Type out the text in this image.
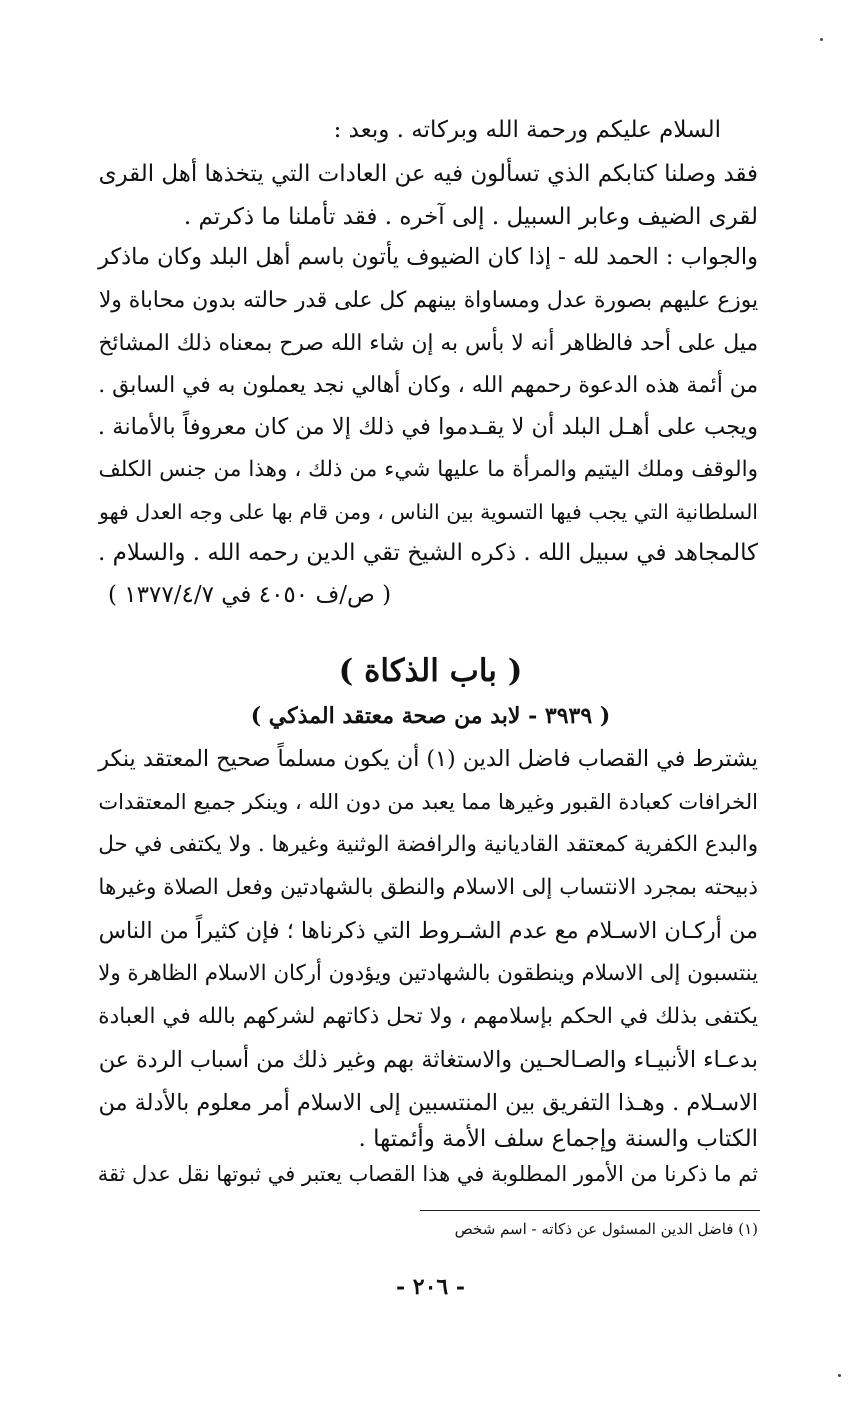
السلام عليكم ورحمة الله وبركاته . وبعد :
فقد وصلنا كتابكم الذي تسألون فيه عن العادات التي يتخذها أهل القرى
لقرى الضيف وعابر السبيل . إلى آخره . فقد تأملنا ما ذكرتم .
والجواب : الحمد لله - إذا كان الضيوف يأتون باسم أهل البلد وكان ماذكر
يوزع عليهم بصورة عدل ومساواة بينهم كل على قدر حالته بدون محاباة ولا
ميل على أحد فالظاهر أنه لا بأس به إن شاء الله صرح بمعناه ذلك المشائخ
من أئمة هذه الدعوة رحمهم الله ، وكان أهالي نجد يعملون به في السابق .
ويجب على أهـل البلد أن لا يقـدموا في ذلك إلا من كان معروفاً بالأمانة .
والوقف وملك اليتيم والمرأة ما عليها شيء من ذلك ، وهذا من جنس الكلف
السلطانية التي يجب فيها التسوية بين الناس ، ومن قام بها على وجه العدل فهو
كالمجاهد في سبيل الله . ذكره الشيخ تقي الدين رحمه الله . والسلام .
( ص/ف ٤٠٥٠ في ١٣٧٧/٤/٧ )
( باب الذكاة )
( ٣٩٣٩ - لابد من صحة معتقد المذكي )
يشترط في القصاب فاضل الدين (١) أن يكون مسلماً صحيح المعتقد ينكر
الخرافات كعبادة القبور وغيرها مما يعبد من دون الله ، وينكر جميع المعتقدات
والبدع الكفرية كمعتقد القاديانية والرافضة الوثنية وغيرها . ولا يكتفى في حل
ذبيحته بمجرد الانتساب إلى الاسلام والنطق بالشهادتين وفعل الصلاة وغيرها
من أركـان الاسـلام مع عدم الشـروط التي ذكرناها ؛ فإن كثيراً من الناس
ينتسبون إلى الاسلام وينطقون بالشهادتين ويؤدون أركان الاسلام الظاهرة ولا
يكتفى بذلك في الحكم بإسلامهم ، ولا تحل ذكاتهم لشركهم بالله في العبادة
بدعـاء الأنبيـاء والصـالحـين والاستغاثة بهم وغير ذلك من أسباب الردة عن
الاسـلام . وهـذا التفريق بين المنتسبين إلى الاسلام أمر معلوم بالأدلة من
الكتاب والسنة وإجماع سلف الأمة وأئمتها .
ثم ما ذكرنا من الأمور المطلوبة في هذا القصاب يعتبر في ثبوتها نقل عدل ثقة
(١) فاضل الدين المسئول عن ذكاته - اسم شخص
- ٢٠٦ -
